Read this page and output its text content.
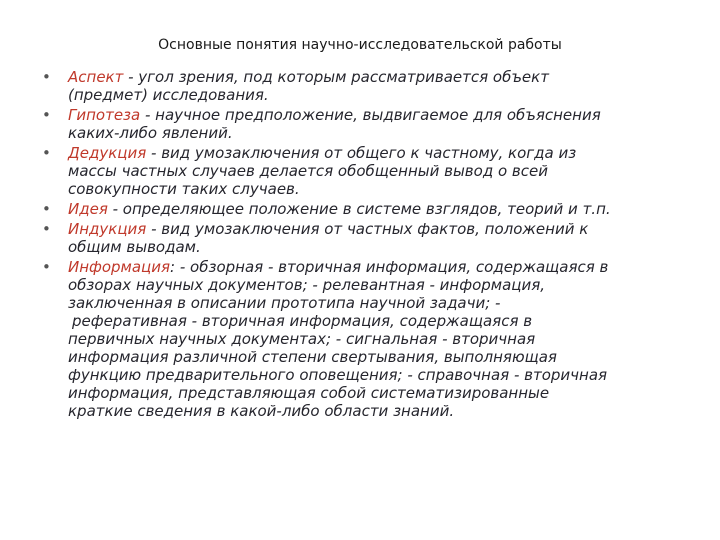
Основные понятия научно-исследовательской работы
• Аспект - угол зрения, под которым рассматривается объект
(предмет) исследования.
• Гипотеза - научное предположение, выдвигаемое для объяснения
каких-либо явлений.
• Дедукция - вид умозаключения от общего к частному, когда из
массы частных случаев делается обобщенный вывод о всей
совокупности таких случаев.
• Идея - определяющее положение в системе взглядов, теорий и т.п.
• Индукция - вид умозаключения от частных фактов, положений к
общим выводам.
• Информация: - обзорная - вторичная информация, содержащаяся в
обзорах научных документов; - релевантная - информация,
заключенная в описании прототипа научной задачи; -
реферативная - вторичная информация, содержащаяся в
первичных научных документах; - сигнальная - вторичная
информация различной степени свертывания, выполняющая
функцию предварительного оповещения; - справочная - вторичная
информация, представляющая собой систематизированные
краткие сведения в какой-либо области знаний.
